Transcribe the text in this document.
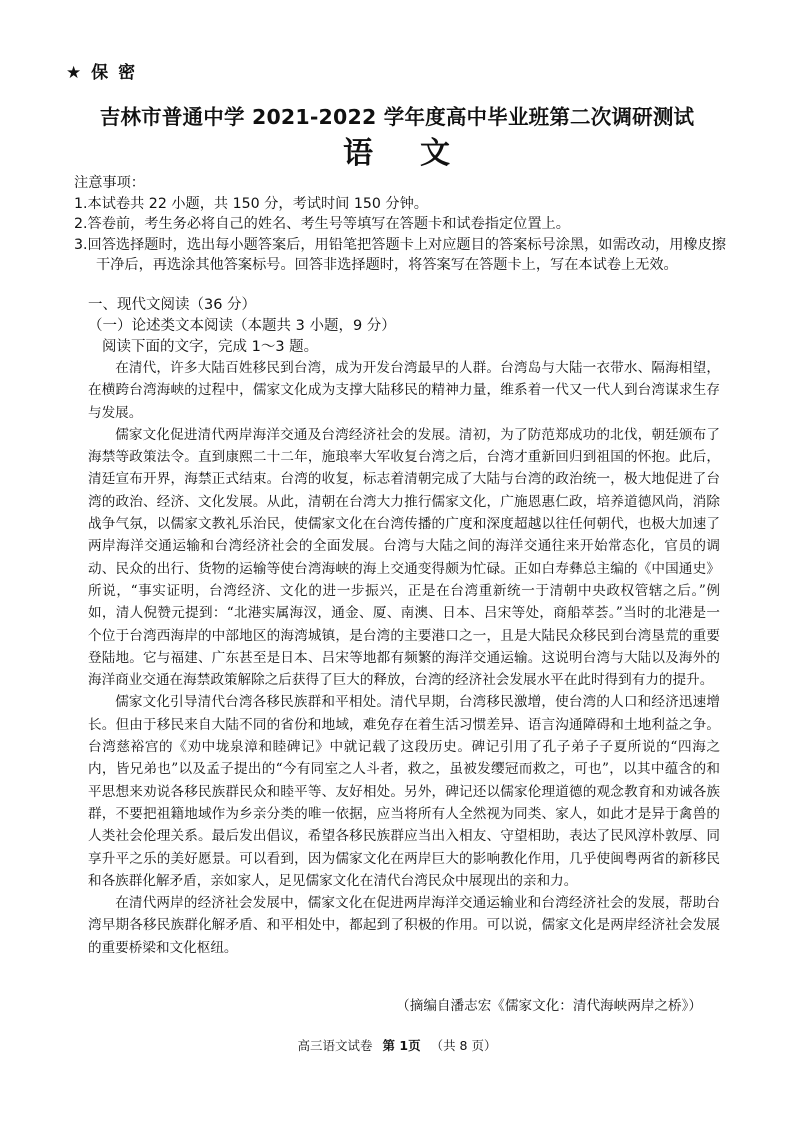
★ 保 密
吉林市普通中学 2021-2022 学年度高中毕业班第二次调研测试
语 文
注意事项：

1.本试卷共 22 小题，共 150 分，考试时间 150 分钟。

2.答卷前，考生务必将自己的姓名、考生号等填写在答题卡和试卷指定位置上。

3.回答选择题时，选出每小题答案后，用铅笔把答题卡上对应题目的答案标号涂黑，如需改动，用橡皮擦干净后，再选涂其他答案标号。回答非选择题时，将答案写在答题卡上，写在本试卷上无效。

一、现代文阅读（36 分）
（一）论述类文本阅读（本题共 3 小题，9 分）
阅读下面的文字，完成 1～3 题。

在清代，许多大陆百姓移民到台湾，成为开发台湾最早的人群。台湾岛与大陆一衣带水、隔海相望，在横跨台湾海峡的过程中，儒家文化成为支撑大陆移民的精神力量，维系着一代又一代人到台湾谋求生存与发展。

儒家文化促进清代两岸海洋交通及台湾经济社会的发展。清初，为了防范郑成功的北伐，朝廷颁布了海禁等政策法令。直到康熙二十二年，施琅率大军收复台湾之后，台湾才重新回归到祖国的怀抱。此后，清廷宣布开界，海禁正式结束。台湾的收复，标志着清朝完成了大陆与台湾的政治统一，极大地促进了台湾的政治、经济、文化发展。从此，清朝在台湾大力推行儒家文化，广施恩惠仁政，培养道德风尚，消除战争气氛，以儒家文教礼乐治民，使儒家文化在台湾传播的广度和深度超越以往任何朝代，也极大加速了两岸海洋交通运输和台湾经济社会的全面发展。台湾与大陆之间的海洋交通往来开始常态化，官员的调动、民众的出行、货物的运输等使台湾海峡的海上交通变得颇为忙碌。正如白寿彝总主编的《中国通史》所说，“事实证明，台湾经济、文化的进一步振兴，正是在台湾重新统一于清朝中央政权管辖之后。”例如，清人倪赞元提到：“北港实属海汊，通金、厦、南澳、日本、吕宋等处，商船萃荟。”当时的北港是一个位于台湾西海岸的中部地区的海湾城镇，是台湾的主要港口之一，且是大陆民众移民到台湾垦荒的重要登陆地。它与福建、广东甚至是日本、吕宋等地都有频繁的海洋交通运输。这说明台湾与大陆以及海外的海洋商业交通在海禁政策解除之后获得了巨大的释放，台湾的经济社会发展水平在此时得到有力的提升。

儒家文化引导清代台湾各移民族群和平相处。清代早期，台湾移民激增，使台湾的人口和经济迅速增长。但由于移民来自大陆不同的省份和地域，难免存在着生活习惯差异、语言沟通障碍和土地利益之争。台湾慈裕宫的《劝中垅泉漳和睦碑记》中就记载了这段历史。碑记引用了孔子弟子子夏所说的“四海之内，皆兄弟也”以及孟子提出的“今有同室之人斗者，救之，虽被发缨冠而救之，可也”，以其中蕴含的和平思想来劝说各移民族群民众和睦平等、友好相处。另外，碑记还以儒家伦理道德的观念教育和劝诫各族群，不要把祖籍地域作为乡亲分类的唯一依据，应当将所有人全然视为同类、家人，如此才是异于禽兽的人类社会伦理关系。最后发出倡议，希望各移民族群应当出入相友、守望相助，表达了民风淳朴敦厚、同享升平之乐的美好愿景。可以看到，因为儒家文化在两岸巨大的影响教化作用，几乎使闽粤两省的新移民和各族群化解矛盾，亲如家人，足见儒家文化在清代台湾民众中展现出的亲和力。

在清代两岸的经济社会发展中，儒家文化在促进两岸海洋交通运输业和台湾经济社会的发展，帮助台湾早期各移民族群化解矛盾、和平相处中，都起到了积极的作用。可以说，儒家文化是两岸经济社会发展的重要桥梁和文化枢纽。

（摘编自潘志宏《儒家文化：清代海峡两岸之桥》）
高三语文试卷 第 1页 （共 8 页）
